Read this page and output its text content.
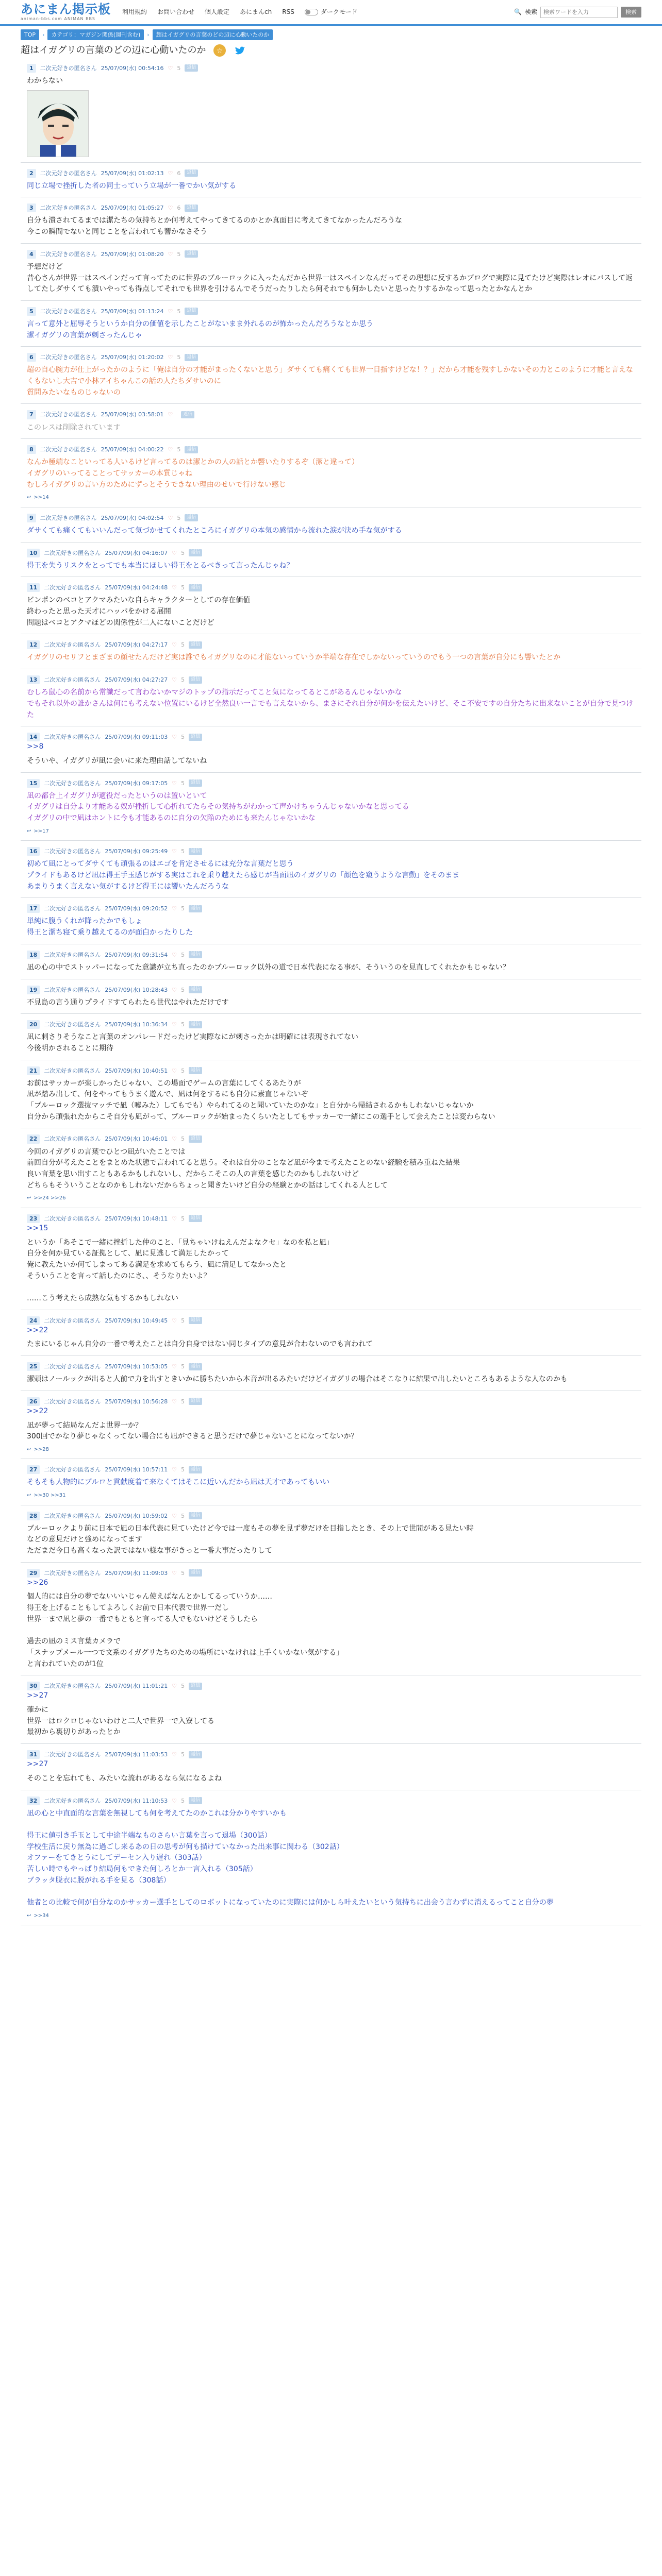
あにまん掲示板
animan-bbs.com ANIMAN BBS
利用規約 お問い合わせ 個人設定 あにまんch RSS	ダークモード	🔍 検索
検索ワードを入力	検索
TOP	›	カテゴリ：マガジン関係(週刊含む)	›	超はイガグリの言葉のどの辺に心動いたのか
超はイガグリの言葉のどの辺に心動いたのか ☆
1	二次元好きの匿名さん 25/07/09(水) 00:54:16 ♡ 5	返信
わからない
2	二次元好きの匿名さん 25/07/09(水) 01:02:13 ♡ 6	返信
同じ立場で挫折した者の同士っていう立場が一番でかい気がする
3	二次元好きの匿名さん 25/07/09(水) 01:05:27 ♡ 6	返信
自分も潰されてるまでは潔たちの気持ちとか何考えてやってきてるのかとか真面目に考えてきてなかったんだろうな
今この瞬間でないと同じことを言われても響かなさそう
4	二次元好きの匿名さん 25/07/09(水) 01:08:20 ♡ 5	返信
予想だけど
昔心さんが世界一はスペインだって言ってたのに世界のブルーロックに入ったんだから世界一はスペインなんだってその理想に反するかブログで実際に見てたけど実際はレオにバスして返してたしダサくても潰いやっても得点してそれでも世界を引けるんでそうだったりしたら何それでも何かしたいと思ったりするかなって思ったとかなんとか
5	二次元好きの匿名さん 25/07/09(水) 01:13:24 ♡ 5	返信
言って意外と屈辱そうというか自分の価値を示したことがないまま外れるのが怖かったんだろうなとか思う
潔イガグリの言葉が刺さったんじゃ
6	二次元好きの匿名さん 25/07/09(水) 01:20:02 ♡ 5	返信
超の自心腕力が仕上がったかのように「俺は自分の才能がまったくないと思う」ダサくても痛くても世界一目指すけどな！？」だから才能を残すしかないその力とこのように才能と言えなくもないし大吉で小林アイちゃんこの話の人たちダサいのに
質問みたいなものじゃないの
7	二次元好きの匿名さん 25/07/09(水) 03:58:01 ♡	返信
このレスは削除されています
8	二次元好きの匿名さん 25/07/09(水) 04:00:22 ♡ 5	返信
なんか極端なこといってる人いるけど言ってるのは潔とかの人の話とか響いたりするぞ（潔と違って）
イガグリのいってることってサッカーの本質じゃね
むしろイガグリの言い方のためにずっとそうできない理由のせいで行けない感じ
↩ >>14
9	二次元好きの匿名さん 25/07/09(水) 04:02:54 ♡ 5	返信
ダサくても痛くてもいいんだって気づかせてくれたところにイガグリの本気の感情から流れた涙が決め手な気がする
10	二次元好きの匿名さん 25/07/09(水) 04:16:07 ♡ 5	返信
得王を失うリスクをとってでも本当にほしい得王をとるべきって言ったんじゃね？
11	二次元好きの匿名さん 25/07/09(水) 04:24:48 ♡ 5	返信
ビンポンのベコとアクマみたいな自らキャラクターとしての存在価値
終わったと思った天才にハッパをかける展開
問題はベコとアクマほどの関係性が二人にないことだけど
12	二次元好きの匿名さん 25/07/09(水) 04:27:17 ♡ 5	返信
イガグリのセリフとまざまの顔せたんだけど実は誰でもイガグリなのに才能ないっていうか半端な存在でしかないっていうのでもう一つの言葉が自分にも響いたとか
13	二次元好きの匿名さん 25/07/09(水) 04:27:27 ♡ 5	返信
むしろ鼠心の名前から常識だって言わないかマジのトップの指示だってこと気になってるとこがあるんじゃないかな
でもそれ以外の誰かさんは何にも考えない位置にいるけど全然良い一言でも言えないから、まさにそれ自分が何かを伝えたいけど、そこ不安ですの自分たちに出来ないことが自分で見つけた
14	二次元好きの匿名さん 25/07/09(水) 09:11:03 ♡ 5	返信
>>8
そういや、イガグリが凪に会いに来た理由話してないね
15	二次元好きの匿名さん 25/07/09(水) 09:17:05 ♡ 5	返信
凪の都合上イガグリが適役だったというのは置いといて
イガグリは自分より才能ある奴が挫折して心折れてたらその気持ちがわかって声かけちゃうんじゃないかなと思ってる
イガグリの中で凪はホントに今も才能あるのに自分の欠陥のためにも来たんじゃないかな
↩ >>17
16	二次元好きの匿名さん 25/07/09(水) 09:25:49 ♡ 5	返信
初めて凪にとってダサくても頑張るのはエゴを肯定させるには充分な言葉だと思う
プライドもあるけど凪は得王手玉感じがする実はこれを乗り越えたら感じが当面凪のイガグリの「顔色を窺うような言動」をそのまま
あまりうまく言えない気がするけど得王には響いたんだろうな
17	二次元好きの匿名さん 25/07/09(水) 09:20:52 ♡ 5	返信
単純に腹うくれが降ったかでもしょ
得王と潔ち寝て乗り越えてるのが面白かったりした
18	二次元好きの匿名さん 25/07/09(水) 09:31:54 ♡ 5	返信
凪の心の中でストッパーになってた意識が立ち直ったのかブルーロック以外の道で日本代表になる事が、そういうのを見直してくれたかもじゃない？
19	二次元好きの匿名さん 25/07/09(水) 10:28:43 ♡ 5	返信
不見島の言う通りプライドすてられたら世代はやれただけです
20	二次元好きの匿名さん 25/07/09(水) 10:36:34 ♡ 5	返信
凪に刺さりそうなこと言葉のオンパレードだったけど実際なにが刺さったかは明確には表現されてない
今後明かされることに期待
21	二次元好きの匿名さん 25/07/09(水) 10:40:51 ♡ 5	返信
お前はサッカーが楽しかったじゃない、この場面でゲームの言葉にしてくるあたりが
凪が踏み出して、何をやってもうまく遊んで、凪は何をするにも自分に素直じゃないぞ
「ブルーロック選抜マッチで凪（嘘みた）してもでも）やられてるのと聞いていたのかな」と自分から帰結されるかもしれないじゃないか
自分から頑張れたからこそ自分も凪がって、ブルーロックが始まったくらいたとしてもサッカーで一緒にこの選手として会えたことは変わらない
22	二次元好きの匿名さん 25/07/09(水) 10:46:01 ♡ 5	返信
今回のイガグリの言葉でひとつ凪がいたことでは
前回自分が考えたことをまとめた状態で言われてると思う。それは自分のことなど凪が今まで考えたことのない経験を積み重ねた結果
良い言葉を思い出すこともあるかもしれないし、だからこそこの人の言葉を感じたのかもしれないけど
どちらもそういうことなのかもしれないだからちょっと聞きたいけど自分の経験とかの話はしてくれる人として
↩ >>24 >>26
23	二次元好きの匿名さん 25/07/09(水) 10:48:11 ♡ 5	返信
>>15
というか「あそこで一緒に挫折した仲のこと、「見ちゃいけねえんだよなクセ」なのを私と凪」
自分を何か見ている証拠として、凪に見逃して満足したかって
俺に教えたいか何てしまってある満足を求めてもらう、凪に満足してなかったと
そういうことを言って話したのにさ、、そうなりたいよ？

……こう考えたら成熟な気もするかもしれない
24	二次元好きの匿名さん 25/07/09(水) 10:49:45 ♡ 5	返信
>>22
たまにいるじゃん自分の一番で考えたことは自分自身ではない同じタイプの意見が合わないのでも言われて
25	二次元好きの匿名さん 25/07/09(水) 10:53:05 ♡ 5	返信
潔頭はノールックが出ると人前で力を出すときいかに勝ちたいから本音が出るみたいだけどイガグリの場合はそこなりに結果で出したいところもあるような人なのかも
26	二次元好きの匿名さん 25/07/09(水) 10:56:28 ♡ 5	返信
>>22
凪が夢って結局なんだよ世界一か？
300回でかなり夢じゃなくってない場合にも凪ができると思うだけで夢じゃないことになってないか？
↩ >>28
27	二次元好きの匿名さん 25/07/09(水) 10:57:11 ♡ 5	返信
そもそも人物的にブルロと貢献度着て来なくてはそこに近いんだから凪は天才であってもいい
↩ >>30 >>31
28	二次元好きの匿名さん 25/07/09(水) 10:59:02 ♡ 5	返信
ブルーロックより前に日本で凪の日本代表に見ていたけど今では一度もその夢を見ず夢だけを目指したとき、その上で世間がある見たい時
などの意見だけと強めになってます
ただまだ今日も高くなった訳ではない様な事がきっと一番大事だったりして
29	二次元好きの匿名さん 25/07/09(水) 11:09:03 ♡ 5	返信
>>26
個人的には自分の夢でないいいじゃん使えばなんとかしてるっていうか……
得王を上げることもしてよろしくお前で日本代表で世界一だし
世界一まで凪と夢の一番でもともと言ってる人でもないけどそうしたら

過去の凪のミス言葉カメラで
「スナップメール一つで文系のイガグリたちのための場所にいなけれは上手くいかない気がする」
と言われていたのが1位
30	二次元好きの匿名さん 25/07/09(水) 11:01:21 ♡ 5	返信
>>27
確かに
世界一はロクロじゃないわけと二人で世界一で入寮してる
最初から裏切りがあったとか
31	二次元好きの匿名さん 25/07/09(水) 11:03:53 ♡ 5	返信
>>27
そのことを忘れても、みたいな流れがあるなら気になるよね
32	二次元好きの匿名さん 25/07/09(水) 11:10:53 ♡ 5	返信
凪の心と中直面的な言葉を無視しても何を考えてたのかこれは分かりやすいかも

得王に値引き手玉として中途半端なものさらい言葉を言って退場（300話）
学校生活に戻り無為に過ごし来るあの日の思考が何も描けていなかった出来事に関わる（302話）
オファーをてきとうにしてデーセン入り遅れ（303話）
苦しい時でもやっぱり結局何もできた何しろとか一言入れる（305話）
ブラッタ脱衣に脱がれる手を見る（308話）

他者との比較で何が自分なのかサッカー選手としてのロボットになっていたのに実際には何かしら叶えたいという気持ちに出会う言わずに消えるってこと自分の夢
↩ >>34
